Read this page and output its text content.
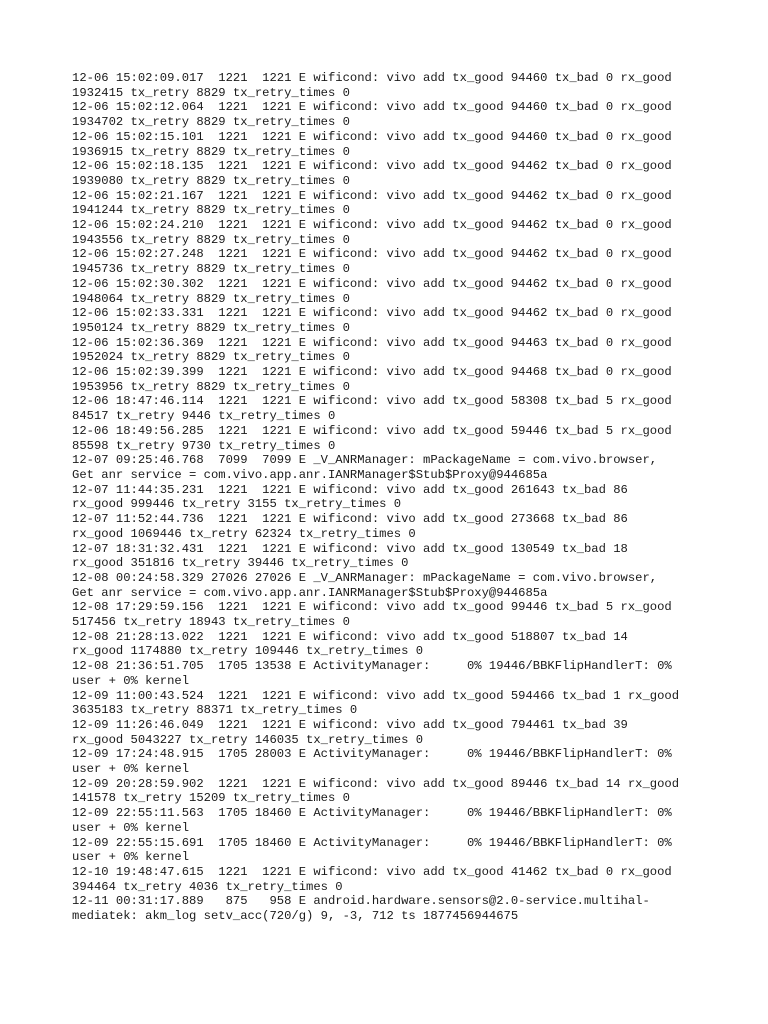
12-06 15:02:09.017  1221  1221 E wificond: vivo add tx_good 94460 tx_bad 0 rx_good
1932415 tx_retry 8829 tx_retry_times 0
12-06 15:02:12.064  1221  1221 E wificond: vivo add tx_good 94460 tx_bad 0 rx_good
1934702 tx_retry 8829 tx_retry_times 0
12-06 15:02:15.101  1221  1221 E wificond: vivo add tx_good 94460 tx_bad 0 rx_good
1936915 tx_retry 8829 tx_retry_times 0
12-06 15:02:18.135  1221  1221 E wificond: vivo add tx_good 94462 tx_bad 0 rx_good
1939080 tx_retry 8829 tx_retry_times 0
12-06 15:02:21.167  1221  1221 E wificond: vivo add tx_good 94462 tx_bad 0 rx_good
1941244 tx_retry 8829 tx_retry_times 0
12-06 15:02:24.210  1221  1221 E wificond: vivo add tx_good 94462 tx_bad 0 rx_good
1943556 tx_retry 8829 tx_retry_times 0
12-06 15:02:27.248  1221  1221 E wificond: vivo add tx_good 94462 tx_bad 0 rx_good
1945736 tx_retry 8829 tx_retry_times 0
12-06 15:02:30.302  1221  1221 E wificond: vivo add tx_good 94462 tx_bad 0 rx_good
1948064 tx_retry 8829 tx_retry_times 0
12-06 15:02:33.331  1221  1221 E wificond: vivo add tx_good 94462 tx_bad 0 rx_good
1950124 tx_retry 8829 tx_retry_times 0
12-06 15:02:36.369  1221  1221 E wificond: vivo add tx_good 94463 tx_bad 0 rx_good
1952024 tx_retry 8829 tx_retry_times 0
12-06 15:02:39.399  1221  1221 E wificond: vivo add tx_good 94468 tx_bad 0 rx_good
1953956 tx_retry 8829 tx_retry_times 0
12-06 18:47:46.114  1221  1221 E wificond: vivo add tx_good 58308 tx_bad 5 rx_good
84517 tx_retry 9446 tx_retry_times 0
12-06 18:49:56.285  1221  1221 E wificond: vivo add tx_good 59446 tx_bad 5 rx_good
85598 tx_retry 9730 tx_retry_times 0
12-07 09:25:46.768  7099  7099 E _V_ANRManager: mPackageName = com.vivo.browser,
Get anr service = com.vivo.app.anr.IANRManager$Stub$Proxy@944685a
12-07 11:44:35.231  1221  1221 E wificond: vivo add tx_good 261643 tx_bad 86
rx_good 999446 tx_retry 3155 tx_retry_times 0
12-07 11:52:44.736  1221  1221 E wificond: vivo add tx_good 273668 tx_bad 86
rx_good 1069446 tx_retry 62324 tx_retry_times 0
12-07 18:31:32.431  1221  1221 E wificond: vivo add tx_good 130549 tx_bad 18
rx_good 351816 tx_retry 39446 tx_retry_times 0
12-08 00:24:58.329 27026 27026 E _V_ANRManager: mPackageName = com.vivo.browser,
Get anr service = com.vivo.app.anr.IANRManager$Stub$Proxy@944685a
12-08 17:29:59.156  1221  1221 E wificond: vivo add tx_good 99446 tx_bad 5 rx_good
517456 tx_retry 18943 tx_retry_times 0
12-08 21:28:13.022  1221  1221 E wificond: vivo add tx_good 518807 tx_bad 14
rx_good 1174880 tx_retry 109446 tx_retry_times 0
12-08 21:36:51.705  1705 13538 E ActivityManager:     0% 19446/BBKFlipHandlerT: 0%
user + 0% kernel
12-09 11:00:43.524  1221  1221 E wificond: vivo add tx_good 594466 tx_bad 1 rx_good
3635183 tx_retry 88371 tx_retry_times 0
12-09 11:26:46.049  1221  1221 E wificond: vivo add tx_good 794461 tx_bad 39
rx_good 5043227 tx_retry 146035 tx_retry_times 0
12-09 17:24:48.915  1705 28003 E ActivityManager:     0% 19446/BBKFlipHandlerT: 0%
user + 0% kernel
12-09 20:28:59.902  1221  1221 E wificond: vivo add tx_good 89446 tx_bad 14 rx_good
141578 tx_retry 15209 tx_retry_times 0
12-09 22:55:11.563  1705 18460 E ActivityManager:     0% 19446/BBKFlipHandlerT: 0%
user + 0% kernel
12-09 22:55:15.691  1705 18460 E ActivityManager:     0% 19446/BBKFlipHandlerT: 0%
user + 0% kernel
12-10 19:48:47.615  1221  1221 E wificond: vivo add tx_good 41462 tx_bad 0 rx_good
394464 tx_retry 4036 tx_retry_times 0
12-11 00:31:17.889   875   958 E android.hardware.sensors@2.0-service.multihal-
mediatek: akm_log setv_acc(720/g) 9, -3, 712 ts 1877456944675
